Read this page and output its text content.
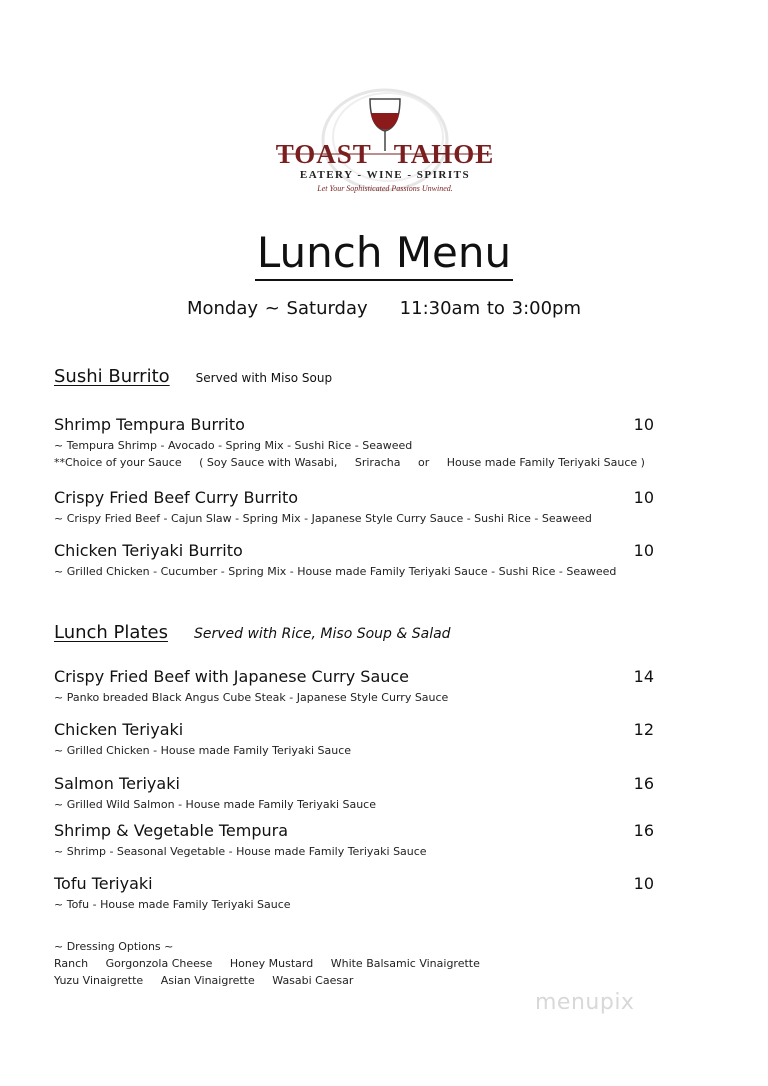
TOAST TAHOE
EATERY - WINE - SPIRITS
Let Your Sophisticated Passions Unwined.
Lunch Menu
Monday ~ Saturday 11:30am to 3:00pm
Sushi Burrito Served with Miso Soup
Shrimp Tempura Burrito	10
~ Tempura Shrimp - Avocado - Spring Mix - Sushi Rice - Seaweed
**Choice of your Sauce ( Soy Sauce with Wasabi, Sriracha or House made Family Teriyaki Sauce )
Crispy Fried Beef Curry Burrito	10
~ Crispy Fried Beef - Cajun Slaw - Spring Mix - Japanese Style Curry Sauce - Sushi Rice - Seaweed
Chicken Teriyaki Burrito	10
~ Grilled Chicken - Cucumber - Spring Mix - House made Family Teriyaki Sauce - Sushi Rice - Seaweed
Lunch Plates Served with Rice, Miso Soup & Salad
Crispy Fried Beef with Japanese Curry Sauce	14
~ Panko breaded Black Angus Cube Steak - Japanese Style Curry Sauce
Chicken Teriyaki	12
~ Grilled Chicken - House made Family Teriyaki Sauce
Salmon Teriyaki	16
~ Grilled Wild Salmon - House made Family Teriyaki Sauce
Shrimp & Vegetable Tempura	16
~ Shrimp - Seasonal Vegetable - House made Family Teriyaki Sauce
Tofu Teriyaki	10
~ Tofu - House made Family Teriyaki Sauce
~ Dressing Options ~
Ranch Gorgonzola Cheese Honey Mustard White Balsamic Vinaigrette
Yuzu Vinaigrette Asian Vinaigrette Wasabi Caesar
menupix
